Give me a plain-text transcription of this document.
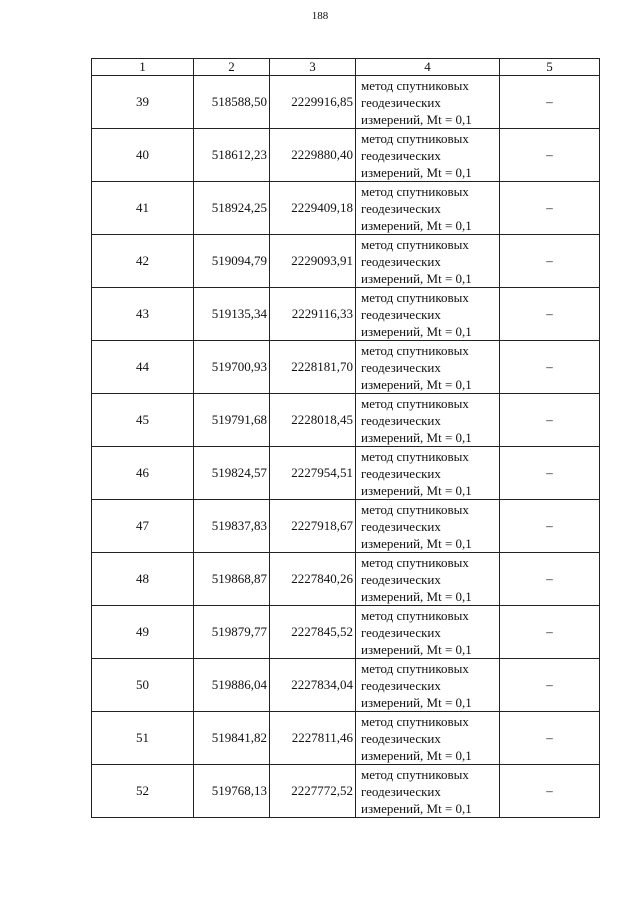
188
1	2	3	4	5
39	518588,50	2229916,85	метод спутниковых
геодезических
измерений, Mt = 0,1	–
40	518612,23	2229880,40	метод спутниковых
геодезических
измерений, Mt = 0,1	–
41	518924,25	2229409,18	метод спутниковых
геодезических
измерений, Mt = 0,1	–
42	519094,79	2229093,91	метод спутниковых
геодезических
измерений, Mt = 0,1	–
43	519135,34	2229116,33	метод спутниковых
геодезических
измерений, Mt = 0,1	–
44	519700,93	2228181,70	метод спутниковых
геодезических
измерений, Mt = 0,1	–
45	519791,68	2228018,45	метод спутниковых
геодезических
измерений, Mt = 0,1	–
46	519824,57	2227954,51	метод спутниковых
геодезических
измерений, Mt = 0,1	–
47	519837,83	2227918,67	метод спутниковых
геодезических
измерений, Mt = 0,1	–
48	519868,87	2227840,26	метод спутниковых
геодезических
измерений, Mt = 0,1	–
49	519879,77	2227845,52	метод спутниковых
геодезических
измерений, Mt = 0,1	–
50	519886,04	2227834,04	метод спутниковых
геодезических
измерений, Mt = 0,1	–
51	519841,82	2227811,46	метод спутниковых
геодезических
измерений, Mt = 0,1	–
52	519768,13	2227772,52	метод спутниковых
геодезических
измерений, Mt = 0,1	–
